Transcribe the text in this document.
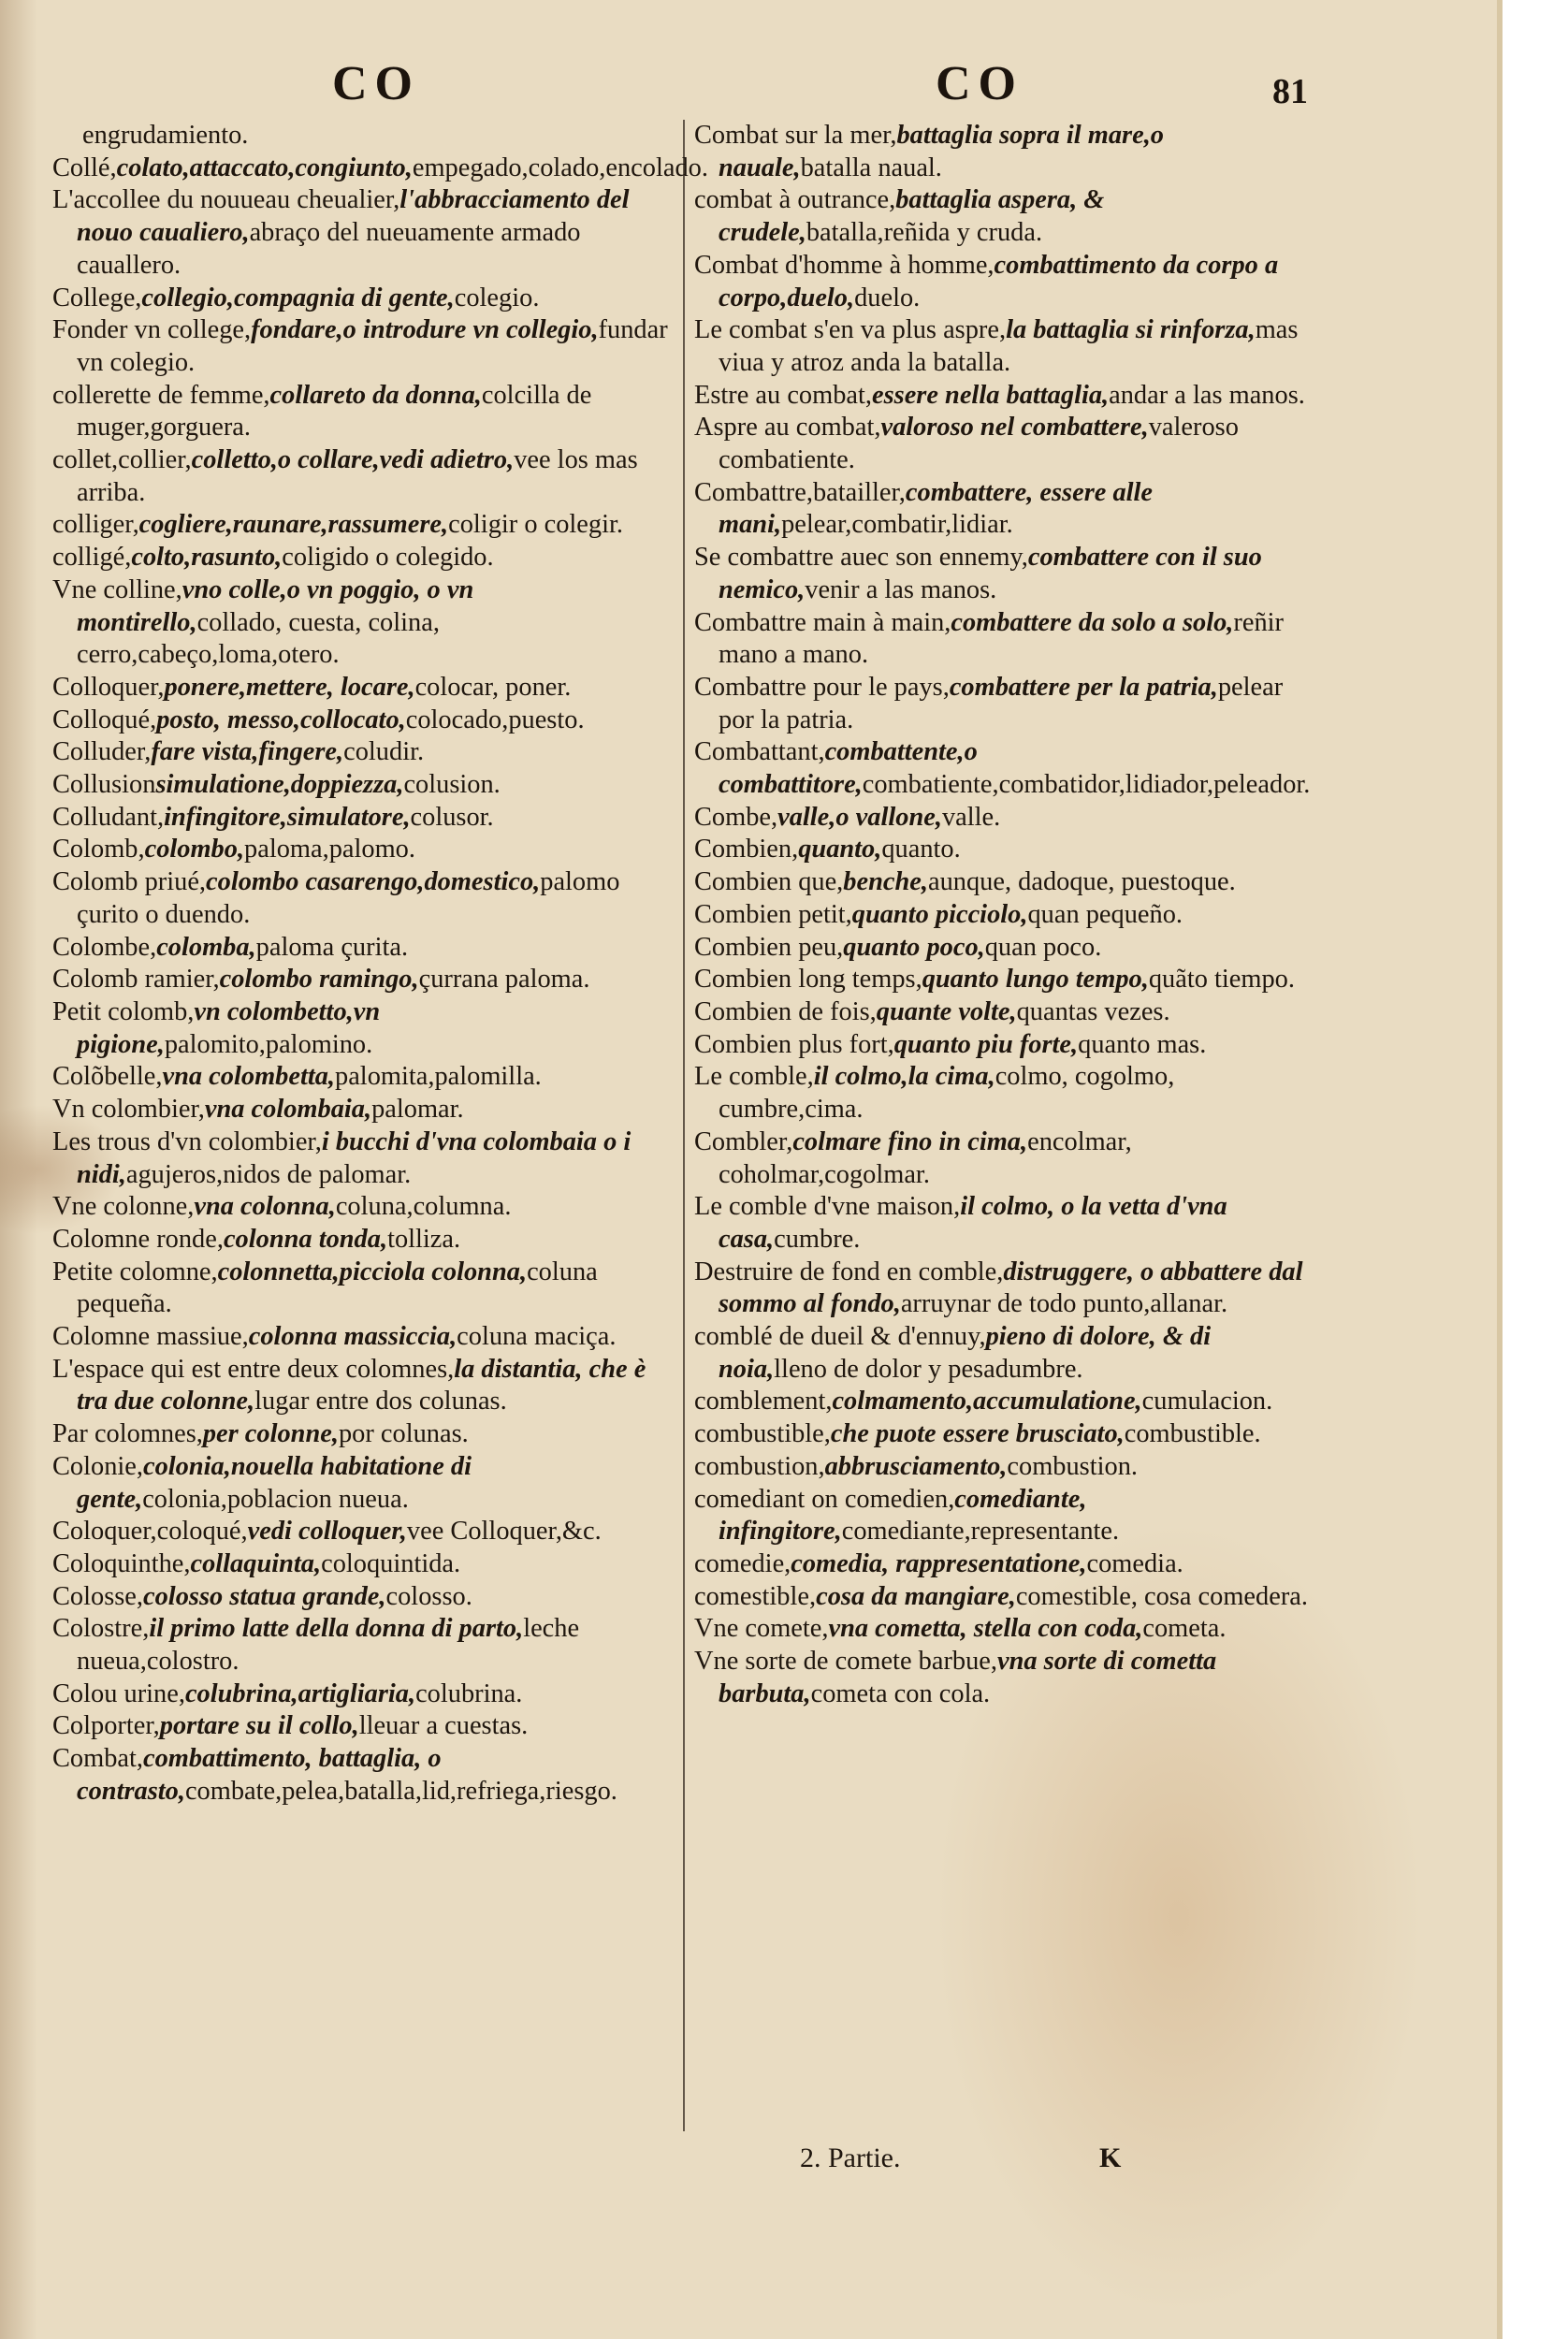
CO	CO	81

engrudamiento.

Collé,colato,attaccato,congiunto,empegado,colado,encolado.

L'accollee du nouueau cheualier,l'abbracciamento del nouo caualiero,abraço del nueuamente armado cauallero.

College,collegio,compagnia di gente,colegio.

Fonder vn college,fondare,o introdure vn collegio,fundar vn colegio.

collerette de femme,collareto da donna,colcilla de muger,gorguera.

collet,collier,colletto,o collare,vedi adietro,vee los mas arriba.

colliger,cogliere,raunare,rassumere,coligir o colegir.

colligé,colto,rasunto,coligido o colegido.

Vne colline,vno colle,o vn poggio, o vn montirello,collado, cuesta, colina, cerro,cabeço,loma,otero.

Colloquer,ponere,mettere, locare,colocar, poner.

Colloqué,posto, messo,collocato,colocado,puesto.

Colluder,fare vista,fingere,coludir.

Collusionsimulatione,doppiezza,colusion.

Colludant,infingitore,simulatore,colusor.

Colomb,colombo,paloma,palomo.

Colomb priué,colombo casarengo,domestico,palomo çurito o duendo.

Colombe,colomba,paloma çurita.

Colomb ramier,colombo ramingo,çurrana paloma.

Petit colomb,vn colombetto,vn pigione,palomito,palomino.

Colõbelle,vna colombetta,palomita,palomilla.

Vn colombier,vna colombaia,palomar.

Les trous d'vn colombier,i bucchi d'vna colombaia o i nidi,agujeros,nidos de palomar.

Vne colonne,vna colonna,coluna,columna.

Colomne ronde,colonna tonda,tolliza.

Petite colomne,colonnetta,picciola colonna,coluna pequeña.

Colomne massiue,colonna massiccia,coluna maciça.

L'espace qui est entre deux colomnes,la distantia, che è tra due colonne,lugar entre dos colunas.

Par colomnes,per colonne,por colunas.

Colonie,colonia,nouella habitatione di gente,colonia,poblacion nueua.

Coloquer,coloqué,vedi colloquer,vee Colloquer,&c.

Coloquinthe,collaquinta,coloquintida.

Colosse,colosso statua grande,colosso.

Colostre,il primo latte della donna di parto,leche nueua,colostro.

Colou urine,colubrina,artigliaria,colubrina.

Colporter,portare su il collo,lleuar a cuestas.

Combat,combattimento, battaglia, o contrasto,combate,pelea,batalla,lid,refriega,riesgo.

Combat sur la mer,battaglia sopra il mare,o nauale,batalla naual.

combat à outrance,battaglia aspera, & crudele,batalla,reñida y cruda.

Combat d'homme à homme,combattimento da corpo a corpo,duelo,duelo.

Le combat s'en va plus aspre,la battaglia si rinforza,mas viua y atroz anda la batalla.

Estre au combat,essere nella battaglia,andar a las manos.

Aspre au combat,valoroso nel combattere,valeroso combatiente.

Combattre,batailler,combattere, essere alle mani,pelear,combatir,lidiar.

Se combattre auec son ennemy,combattere con il suo nemico,venir a las manos.

Combattre main à main,combattere da solo a solo,reñir mano a mano.

Combattre pour le pays,combattere per la patria,pelear por la patria.

Combattant,combattente,o combattitore,combatiente,combatidor,lidiador,peleador.

Combe,valle,o vallone,valle.

Combien,quanto,quanto.

Combien que,benche,aunque, dadoque, puestoque.

Combien petit,quanto picciolo,quan pequeño.

Combien peu,quanto poco,quan poco.

Combien long temps,quanto lungo tempo,quãto tiempo.

Combien de fois,quante volte,quantas vezes.

Combien plus fort,quanto piu forte,quanto mas.

Le comble,il colmo,la cima,colmo, cogolmo, cumbre,cima.

Combler,colmare fino in cima,encolmar, coholmar,cogolmar.

Le comble d'vne maison,il colmo, o la vetta d'vna casa,cumbre.

Destruire de fond en comble,distruggere, o abbattere dal sommo al fondo,arruynar de todo punto,allanar.

comblé de dueil & d'ennuy,pieno di dolore, & di noia,lleno de dolor y pesadumbre.

comblement,colmamento,accumulatione,cumulacion.

combustible,che puote essere brusciato,combustible.

combustion,abbrusciamento,combustion.

comediant on comedien,comediante, infingitore,comediante,representante.

comedie,comedia, rappresentatione,comedia.

comestible,cosa da mangiare,comestible, cosa comedera.

Vne comete,vna cometta, stella con coda,cometa.

Vne sorte de comete barbue,vna sorte di cometta barbuta,cometa con cola.

2. Partie.	K
